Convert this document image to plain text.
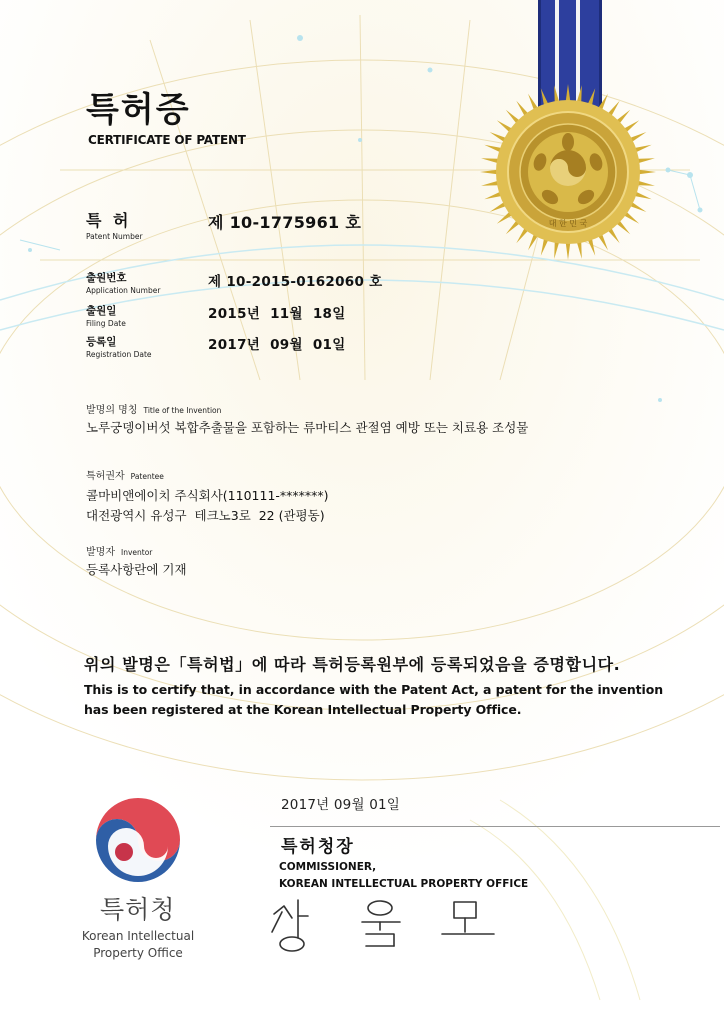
대 한 민 국
특허증
CERTIFICATE OF PATENT
특 허
Patent Number
제 10-1775961 호
출원번호
Application Number
제 10-2015-0162060 호
출원일
Filing Date
2015년  11월  18일
등록일
Registration Date
2017년  09월  01일
발명의 명칭 Title of the Invention
노루궁뎅이버섯 복합추출물을 포함하는 류마티스 관절염 예방 또는 치료용 조성물
특허권자 Patentee
콜마비앤에이치 주식회사(110111-*******)
대전광역시 유성구  테크노3로  22 (관평동)
발명자 Inventor
등록사항란에 기재
위의 발명은「특허법」에 따라 특허등록원부에 등록되었음을 증명합니다.
This is to certify that, in accordance with the Patent Act, a patent for the invention
has been registered at the Korean Intellectual Property Office.
2017년 09월 01일
특허청장
COMMISSIONER,
KOREAN INTELLECTUAL PROPERTY OFFICE
특허청
Korean Intellectual
Property Office
